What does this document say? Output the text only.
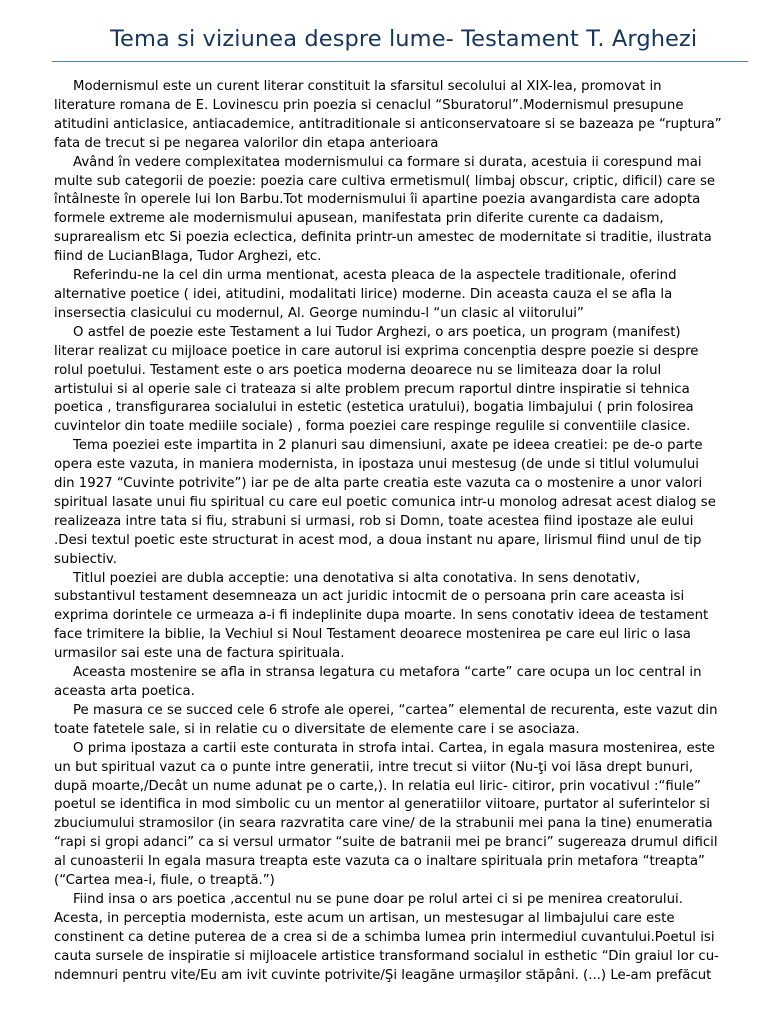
Tema si viziunea despre lume- Testament T. Arghezi

Modernismul este un curent literar constituit la sfarsitul secolului al XIX-lea, promovat in
literature romana de E. Lovinescu prin poezia si cenaclul “Sburatorul”.Modernismul presupune
atitudini anticlasice, antiacademice, antitraditionale si anticonservatoare si se bazeaza pe “ruptura”
fata de trecut si pe negarea valorilor din etapa anterioara

Având în vedere complexitatea modernismului ca formare si durata, acestuia ii corespund mai
multe sub categorii de poezie: poezia care cultiva ermetismul( limbaj obscur, criptic, dificil) care se
întâlneste în operele lui Ion Barbu.Tot modernismului îi apartine poezia avangardista care adopta
formele extreme ale modernismului apusean, manifestata prin diferite curente ca dadaism,
suprarealism etc Si poezia eclectica, definita printr-un amestec de modernitate si traditie, ilustrata
fiind de LucianBlaga, Tudor Arghezi, etc.

Referindu-ne la cel din urma mentionat, acesta pleaca de la aspectele traditionale, oferind
alternative poetice ( idei, atitudini, modalitati lirice) moderne. Din aceasta cauza el se afla la
insersectia clasicului cu modernul, Al. George numindu-l “un clasic al viitorului”

O astfel de poezie este Testament a lui Tudor Arghezi, o ars poetica, un program (manifest)
literar realizat cu mijloace poetice in care autorul isi exprima concenptia despre poezie si despre
rolul poetului. Testament este o ars poetica moderna deoarece nu se limiteaza doar la rolul
artistului si al operie sale ci trateaza si alte problem precum raportul dintre inspiratie si tehnica
poetica , transfigurarea socialului in estetic (estetica uratului), bogatia limbajului ( prin folosirea
cuvintelor din toate mediile sociale) , forma poeziei care respinge regulile si conventiile clasice.

Tema poeziei este impartita in 2 planuri sau dimensiuni, axate pe ideea creatiei: pe de-o parte
opera este vazuta, in maniera modernista, in ipostaza unui mestesug (de unde si titlul volumului
din 1927 “Cuvinte potrivite”) iar pe de alta parte creatia este vazuta ca o mostenire a unor valori
spiritual lasate unui fiu spiritual cu care eul poetic comunica intr-u monolog adresat acest dialog se
realizeaza intre tata si fiu, strabuni si urmasi, rob si Domn, toate acestea fiind ipostaze ale eului
.Desi textul poetic este structurat in acest mod, a doua instant nu apare, lirismul fiind unul de tip
subiectiv.

Titlul poeziei are dubla acceptie: una denotativa si alta conotativa. In sens denotativ,
substantivul testament desemneaza un act juridic intocmit de o persoana prin care aceasta isi
exprima dorintele ce urmeaza a-i fi indeplinite dupa moarte. In sens conotativ ideea de testament
face trimitere la biblie, la Vechiul si Noul Testament deoarece mostenirea pe care eul liric o lasa
urmasilor sai este una de factura spirituala.

Aceasta mostenire se afla in stransa legatura cu metafora “carte” care ocupa un loc central in
aceasta arta poetica.

Pe masura ce se succed cele 6 strofe ale operei, “cartea” elemental de recurenta, este vazut din
toate fatetele sale, si in relatie cu o diversitate de elemente care i se asociaza.

O prima ipostaza a cartii este conturata in strofa intai. Cartea, in egala masura mostenirea, este
un but spiritual vazut ca o punte intre generatii, intre trecut si viitor (Nu-ţi voi lăsa drept bunuri,
după moarte,/Decât un nume adunat pe o carte,). In relatia eul liric- citiror, prin vocativul :“fiule”
poetul se identifica in mod simbolic cu un mentor al generatiilor viitoare, purtator al suferintelor si
zbuciumului stramosilor (in seara razvratita care vine/ de la strabunii mei pana la tine) enumeratia
“rapi si gropi adanci” ca si versul urmator “suite de batranii mei pe branci” sugereaza drumul dificil
al cunoasterii In egala masura treapta este vazuta ca o inaltare spirituala prin metafora “treapta”
(“Cartea mea-i, fiule, o treaptă.”)

Fiind insa o ars poetica ,accentul nu se pune doar pe rolul artei ci si pe menirea creatorului.
Acesta, in perceptia modernista, este acum un artisan, un mestesugar al limbajului care este
constinent ca detine puterea de a crea si de a schimba lumea prin intermediul cuvantului.Poetul isi
cauta sursele de inspiratie si mijloacele artistice transformand socialul in esthetic “Din graiul lor cu-
ndemnuri pentru vite/Eu am ivit cuvinte potrivite/Şi leagăne urmaşilor stăpâni. (...) Le-am prefăcut
